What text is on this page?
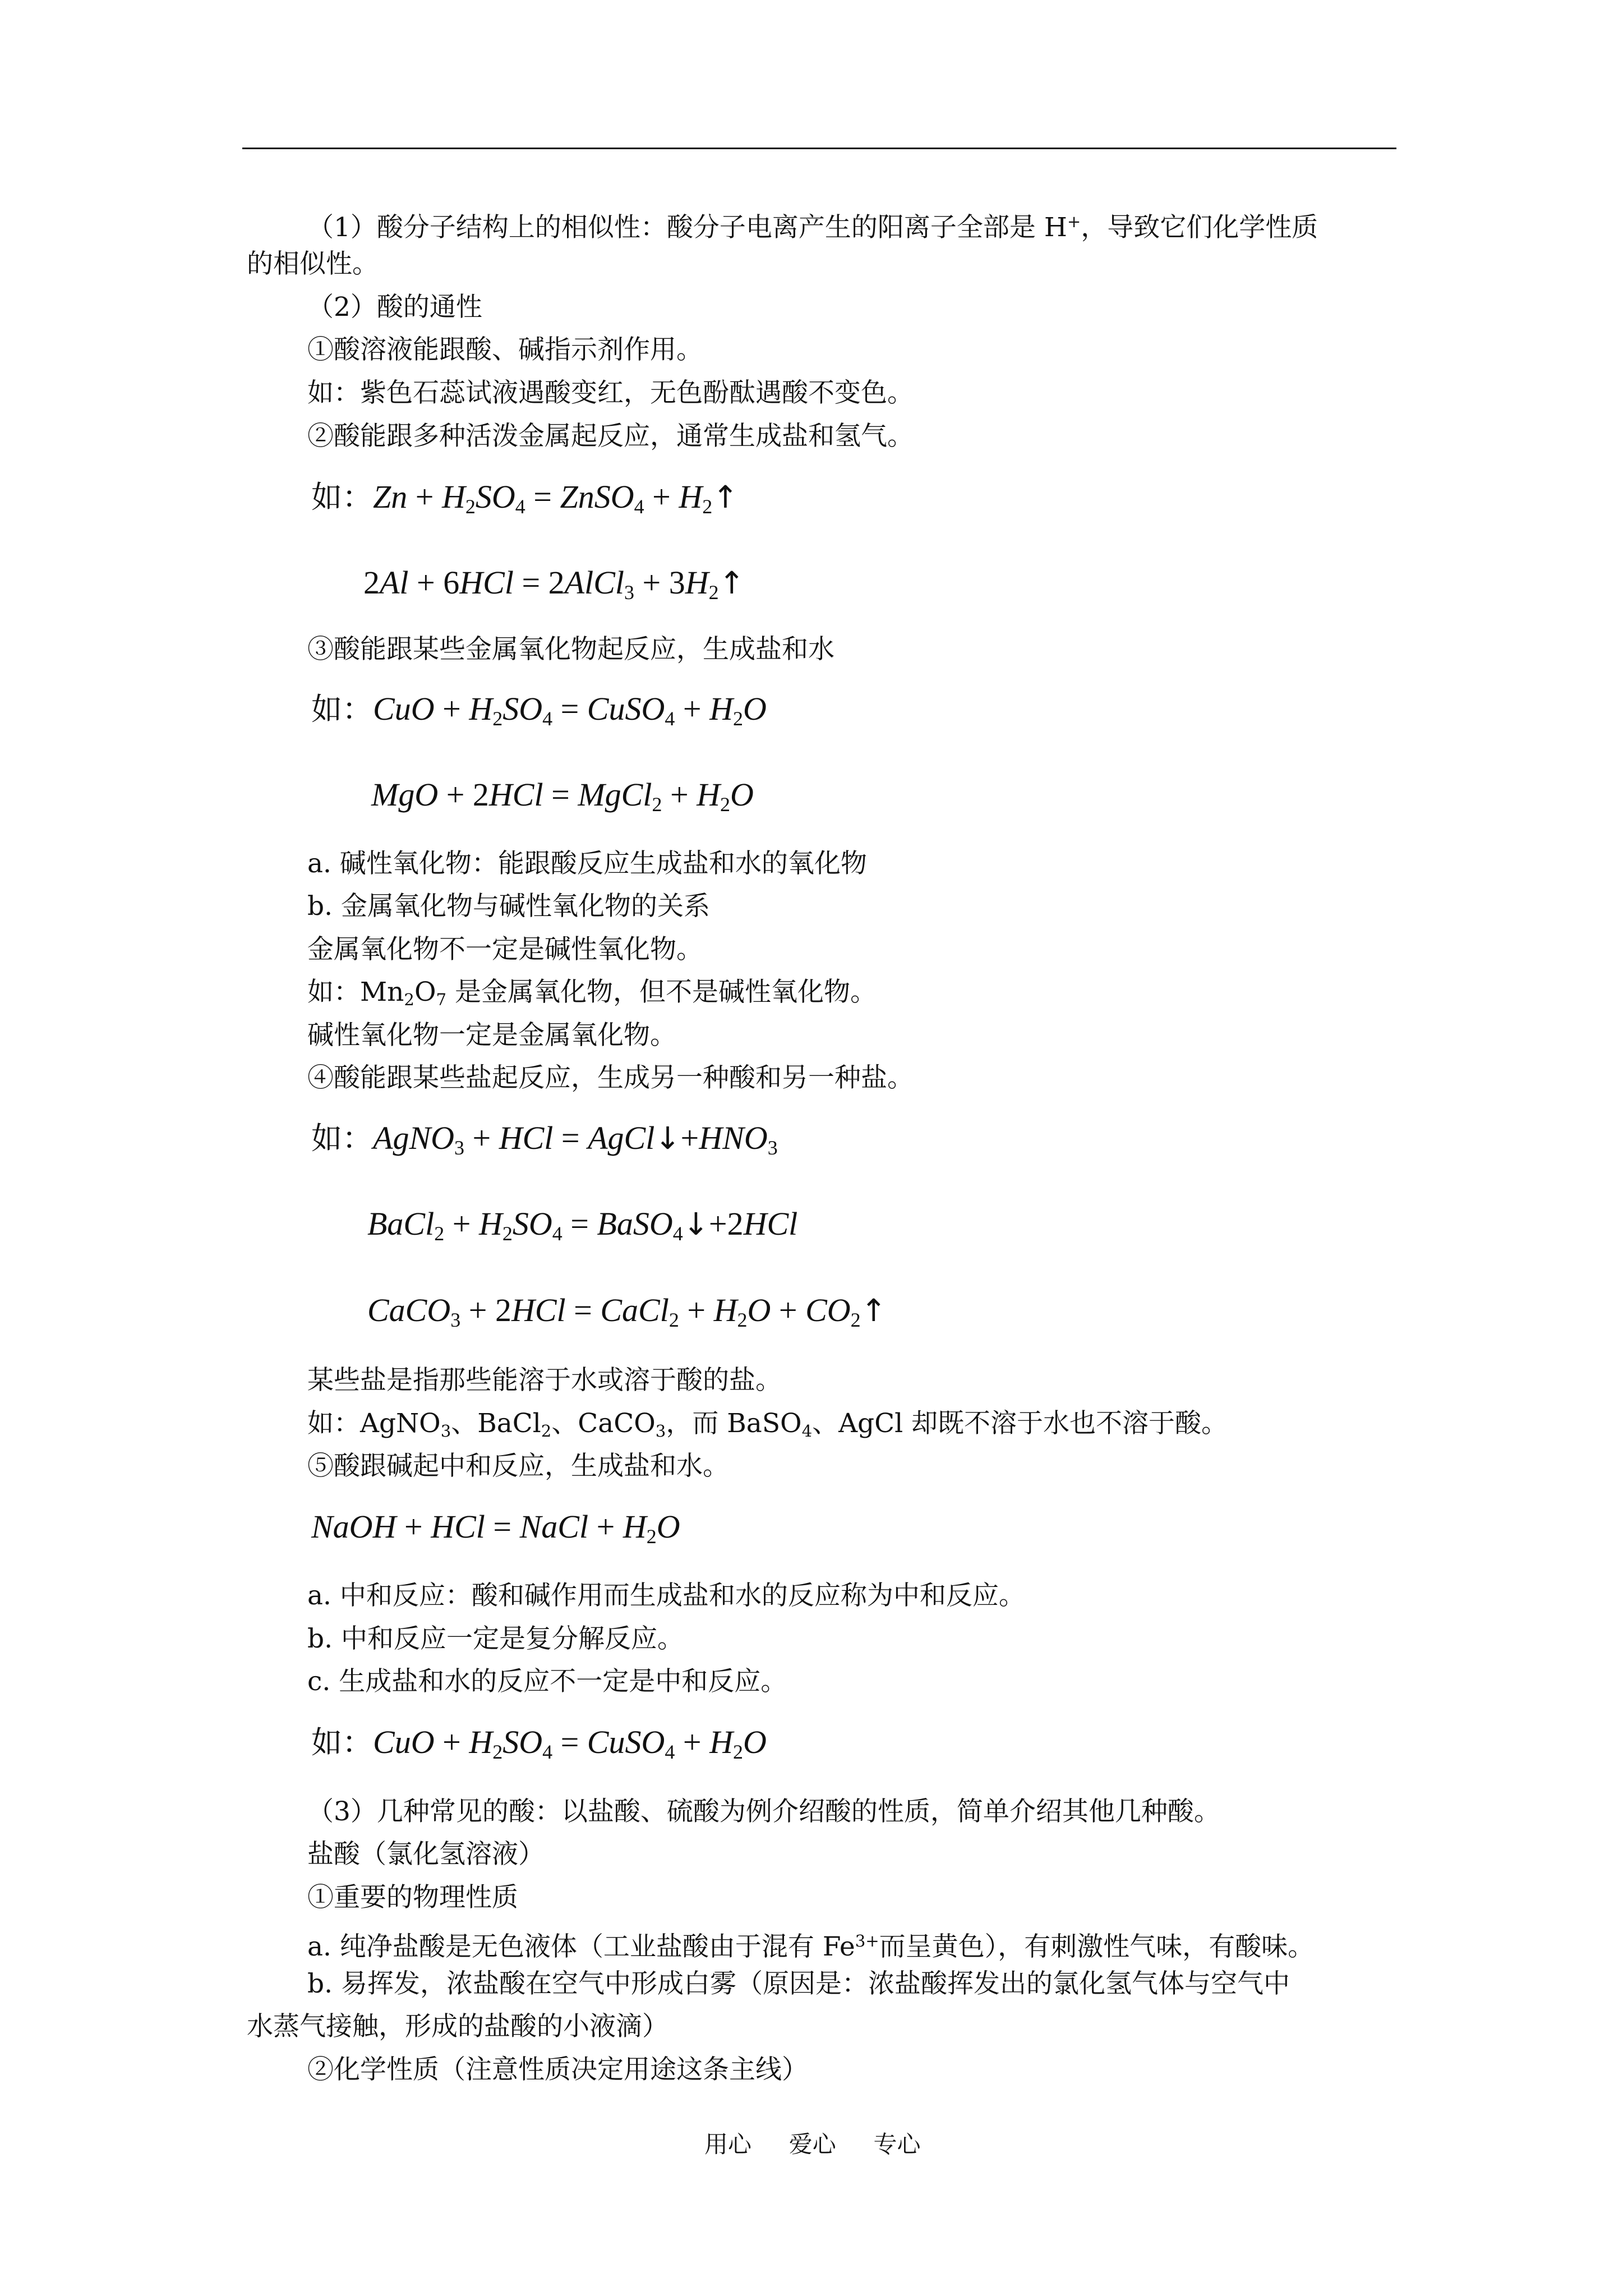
（1）酸分子结构上的相似性：酸分子电离产生的阳离子全部是 H+，导致它们化学性质
的相似性。
（2）酸的通性
①酸溶液能跟酸、碱指示剂作用。
如：紫色石蕊试液遇酸变红，无色酚酞遇酸不变色。
②酸能跟多种活泼金属起反应，通常生成盐和氢气。
③酸能跟某些金属氧化物起反应，生成盐和水
a. 碱性氧化物：能跟酸反应生成盐和水的氧化物
b. 金属氧化物与碱性氧化物的关系
金属氧化物不一定是碱性氧化物。
如：$Mn_2O_7$ 是金属氧化物，但不是碱性氧化物。
碱性氧化物一定是金属氧化物。
④酸能跟某些盐起反应，生成另一种酸和另一种盐。
某些盐是指那些能溶于水或溶于酸的盐。
如：AgNO$_3$、BaCl$_2$、CaCO$_3$，而 BaSO$_4$、AgCl 却既不溶于水也不溶于酸。
⑤酸跟碱起中和反应，生成盐和水。
a. 中和反应：酸和碱作用而生成盐和水的反应称为中和反应。
b. 中和反应一定是复分解反应。
c. 生成盐和水的反应不一定是中和反应。
（3）几种常见的酸：以盐酸、硫酸为例介绍酸的性质，简单介绍其他几种酸。
盐酸（氯化氢溶液）
①重要的物理性质
a. 纯净盐酸是无色液体（工业盐酸由于混有 $Fe^{3+}$而呈黄色），有刺激性气味，有酸味。
b. 易挥发，浓盐酸在空气中形成白雾（原因是：浓盐酸挥发出的氯化氢气体与空气中
水蒸气接触，形成的盐酸的小液滴）
②化学性质（注意性质决定用途这条主线）
如：$Zn + H_2SO_4$ = ZnSO$_4$ + $H_2↑$
2Al + 6HCl = 2AlCl$_3$ + $3H_2↑$
如：CuO + $H_2SO_4$ = CuSO$_4$ + $H_2O$
MgO + 2HCl = MgCl$_2$ + $H_2O$
如：AgNO$_3$ + HCl = $AgCl↓+HNO_3$
BaCl$_2$ + $H_2SO_4$ = BaSO$_4$↓+2HCl
CaCO$_3$ + 2HCl = CaCl$_2$ + $H_2O$ + $CO_2↑$
NaOH + HCl = NaCl + $H_2O$
如：CuO + $H_2SO_4$ = CuSO$_4$ + $H_2O$
用心     爱心     专心
